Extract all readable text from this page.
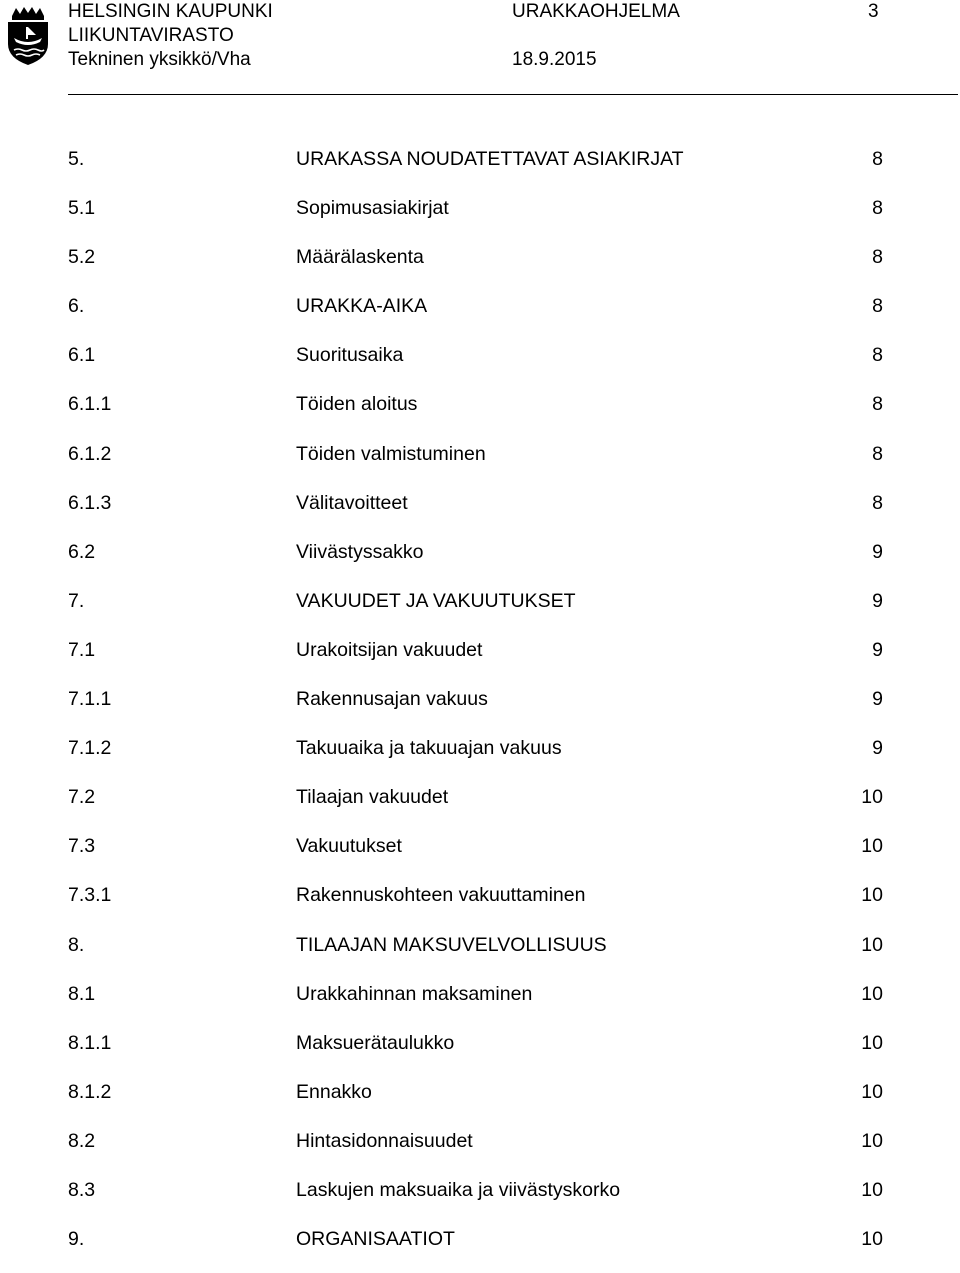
HELSINGIN KAUPUNKI	URAKKAOHJELMA	3
LIIKUNTAVIRASTO
Tekninen yksikkö/Vha	18.9.2015
5.	URAKASSA NOUDATETTAVAT ASIAKIRJAT	8
5.1	Sopimusasiakirjat	8
5.2	Määrälaskenta	8
6.	URAKKA-AIKA	8
6.1	Suoritusaika	8
6.1.1	Töiden aloitus	8
6.1.2	Töiden valmistuminen	8
6.1.3	Välitavoitteet	8
6.2	Viivästyssakko	9
7.	VAKUUDET JA VAKUUTUKSET	9
7.1	Urakoitsijan vakuudet	9
7.1.1	Rakennusajan vakuus	9
7.1.2	Takuuaika ja takuuajan vakuus	9
7.2	Tilaajan vakuudet	10
7.3	Vakuutukset	10
7.3.1	Rakennuskohteen vakuuttaminen	10
8.	TILAAJAN MAKSUVELVOLLISUUS	10
8.1	Urakkahinnan maksaminen	10
8.1.1	Maksuerätaulukko	10
8.1.2	Ennakko	10
8.2	Hintasidonnaisuudet	10
8.3	Laskujen maksuaika ja viivästyskorko	10
9.	ORGANISAATIOT	10
